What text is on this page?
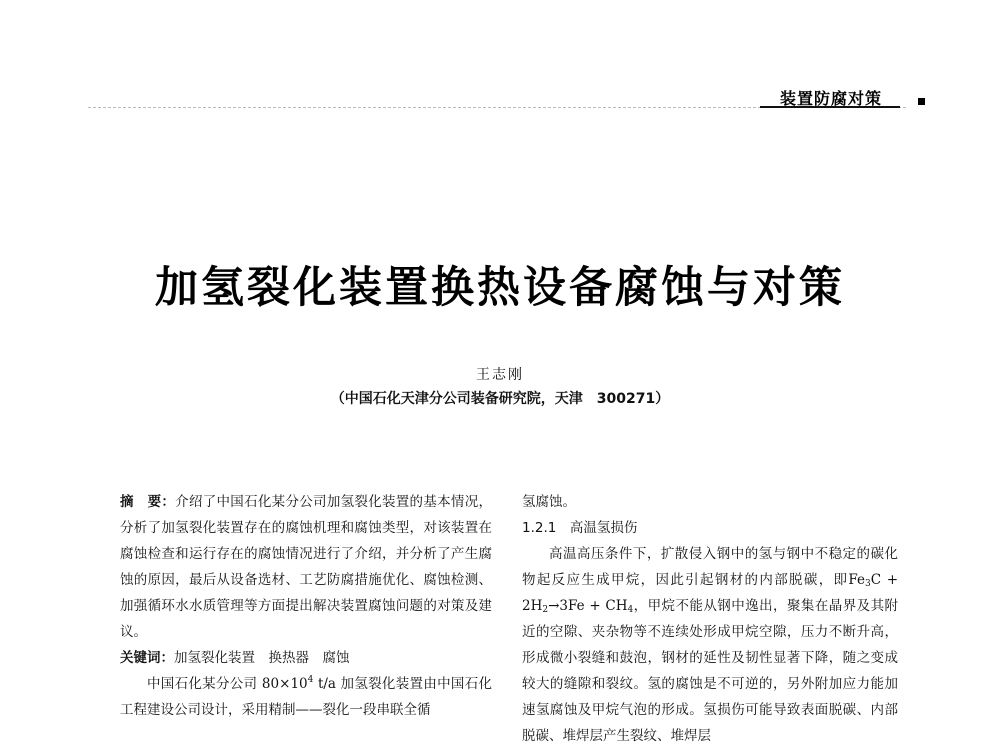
装置防腐对策
加氢裂化装置换热设备腐蚀与对策
王志刚
（中国石化天津分公司装备研究院，天津　300271）

摘　要：介绍了中国石化某分公司加氢裂化装置的基本情况，分析了加氢裂化装置存在的腐蚀机理和腐蚀类型，对该装置在腐蚀检查和运行存在的腐蚀情况进行了介绍，并分析了产生腐蚀的原因，最后从设备选材、工艺防腐措施优化、腐蚀检测、加强循环水水质管理等方面提出解决装置腐蚀问题的对策及建议。

关键词：加氢裂化装置　换热器　腐蚀

中国石化某分公司 $80\times 10^4$ t/a 加氢裂化装置由中国石化工程建设公司设计，采用精制——裂化一段串联全循

氢腐蚀。

1.2.1　高温氢损伤

高温高压条件下，扩散侵入钢中的氢与钢中不稳定的碳化物起反应生成甲烷，因此引起钢材的内部脱碳，即$Fe_3C + 2H_2\to 3Fe + CH_4$，甲烷不能从钢中逸出，聚集在晶界及其附近的空隙、夹杂物等不连续处形成甲烷空隙，压力不断升高，形成微小裂缝和鼓泡，钢材的延性及韧性显著下降，随之变成较大的缝隙和裂纹。氢的腐蚀是不可逆的，另外附加应力能加速氢腐蚀及甲烷气泡的形成。氢损伤可能导致表面脱碳、内部脱碳、堆焊层产生裂纹、堆焊层
